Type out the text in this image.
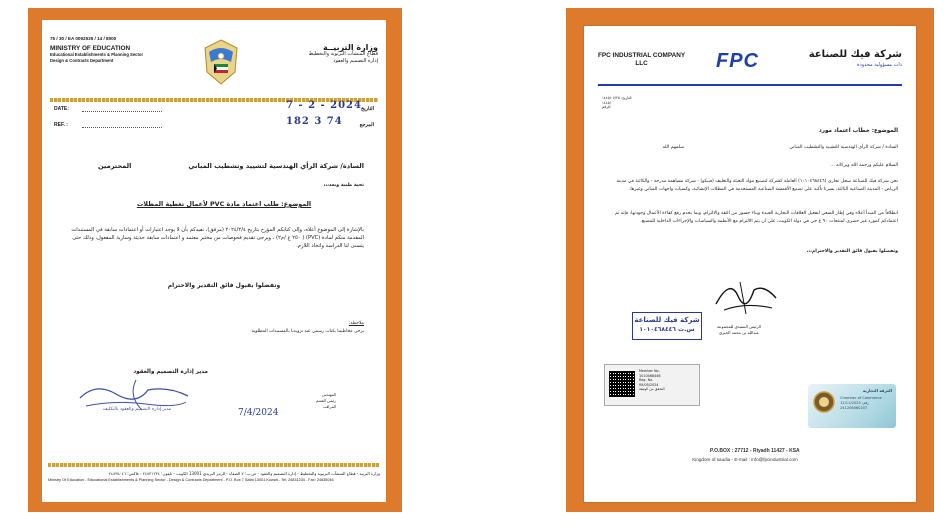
75 / 30 / EA 0092535 / 14 / 8000
MINISTRY OF EDUCATION
Educational Establishments & Planning Sector
Design & Contracts Department
وزارة التربيــة
قطاع المنشآت التربوية والتخطيط
إدارة التصميم والعقود
DATE:	7 - 2 - 2024 التاريخ
REF. :	182 3 74	المرجع
السادة/ شركة الرأي الهندسية لتشييد وتشطيب المباني
المحترمين
تحية طيبة وبعد،،،
الموضوع: طلب اعتماد مادة PVC لأعمال تغطية المظلات
بالإشارة إلى الموضوع أعلاه، وإلى كتابكم المؤرخ بتاريخ ٢٠٢٤/٢/٤ (مرفق)، نفيدكم بأن لا يوجد اعتبارات أو اعتمادات سابقة في المستندات المقدمة منكم لمادة (PVC) ( ٢٥٠ غ /م٢) ، ويرجى تقديم فحوصات من مختبر معتمد و اعتمادات سابقة حديثة وسارية المفعول، وذلك حتى يتسنى لنا الدراسة واتخاذ اللازم.
وتفضلوا بقبول فائق التقدير والاحترام
ملاحظة:
يرجى مخاطبتنا بكتاب رسمي عند تزويدنا بالمستندات المطلوبة.
مدير إدارة التصميم والعقود
مدير إدارة التصميم والعقود بالتكليف
المهندس
رئيس القسم
المراقب
7/4/2024
وزارة التربية - قطاع المنشآت التربوية والتخطيط - إدارة التصميم والعقود - ص.ب: ٧ الصفاة - الرمز البريدي 13001 الكويت - تلفون: ٢٤٨٣١٢٣٤ - فاكس: ٢٤٨٣٥٠٤٦
Ministry Of Education - Educational Establishments & Planning Sector - Design & Contracts Department - P.O. Box 7 Safat 13001 Kuwait - Tel: 24831234 - Fax: 24835046
FPC INDUSTRIAL COMPANY
LLC	FPC	شركة فيك للصناعة
ذات مسؤولية محدودة
التاريخ: ١٤٤٥/٠٧/٢٥
١٤٤٥/
الرقم:
الموضوع: خطاب اعتماد مورد
السادة / شركة الرأي الهندسية للتشييد والتشطيب المباني
سلمهم الله
السلام عليكم ورحمة الله وبركاته ...
نحن شركة فيك للصناعة سجل تجاري (١٠١٠٤٦٨٤٤٦) العاملة كشركة لتصنيع مواد التعبئة والتغليف (فيبكو) - شركة مساهمة مدرجة - والكائنة في مدينة الرياض - المدينة الصناعية الثالثة، يسرنا تأكيد على تصنيع الأقمشة الصناعية المستخدمة في المظلات الإنشائية، وكسيات واجهات المباني وغيرها.
انطلاقاً من المبدأ أعلاه وفي إطار السعي لتفعيل العلاقات التجارية الجيدة وبناء جسور من الثقة والالتزام، وبما يخدم رفع كفاءة الأعمال وجودتها، فإنه تم اعتمادكم كمورد غير حصري لمنتجات ٩٠ غ جي في دولة الكويت، على ان يتم الالتزام مع الأنظمة والسياسات والإجراءات الداخلية للمصنع.
وتفضلوا بقبول فائق التقدير والاحترام،،،
الرئيس التنفيذي للمجموعة
عبدالله بن محمد الخيري
شركة فيك للصناعة
س.ت ١٠١٠٤٦٨٤٤٦
Member No.
1010468446
Reg. No.
09/05/2024
التحقق من الوثيقة	الغرفة التجارية
Chamber of Commerce
رقم: 12/11/2023
241206060207
P.O.BOX : 27712 - Riyadh 11427 - KSA
Kingdom of saudia - E-mail : info@fpcindustrial.com
